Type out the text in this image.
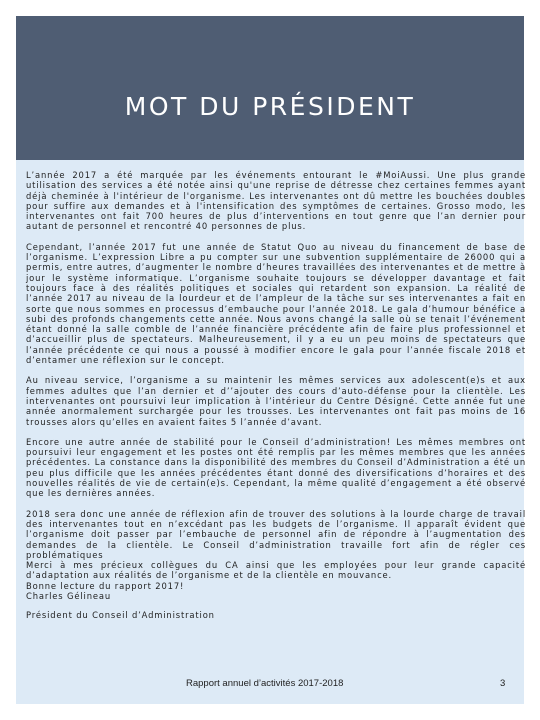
MOT DU PRÉSIDENT

L’année 2017 a été marquée par les événements entourant le #MoiAussi. Une plus grande utilisation des services a été notée ainsi qu'une reprise de détresse chez certaines femmes ayant déjà cheminée à l'intérieur de l'organisme. Les intervenantes ont dû mettre les bouchées doubles pour suffire aux demandes et à l'intensification des symptômes de certaines. Grosso modo, les intervenantes ont fait 700 heures de plus d’interventions en tout genre que l’an dernier pour autant de personnel et rencontré 40 personnes de plus.

Cependant, l’année 2017 fut une année de Statut Quo au niveau du financement de base de l’organisme. L’expression Libre a pu compter sur une subvention supplémentaire de 26000 qui a permis, entre autres, d’augmenter le nombre d’heures travaillées des intervenantes et de mettre à jour le système informatique. L’organisme souhaite toujours se développer davantage et fait toujours face à des réalités politiques et sociales qui retardent son expansion. La réalité de l’année 2017 au niveau de la lourdeur et de l’ampleur de la tâche sur ses intervenantes a fait en sorte que nous sommes en processus d’embauche pour l’année 2018. Le gala d’humour bénéfice a subi des profonds changements cette année. Nous avons changé la salle où se tenait l’événement étant donné la salle comble de l’année financière précédente afin de faire plus professionnel et d’accueillir plus de spectateurs. Malheureusement, il y a eu un peu moins de spectateurs que l’année précédente ce qui nous a poussé à modifier encore le gala pour l’année fiscale 2018 et d’entamer une réflexion sur le concept.

Au niveau service, l’organisme a su maintenir les mêmes services aux adolescent(e)s et aux femmes adultes que l’an dernier et d’’ajouter des cours d’auto-défense pour la clientèle. Les intervenantes ont poursuivi leur implication à l’intérieur du Centre Désigné. Cette année fut une année anormalement surchargée pour les trousses. Les intervenantes ont fait pas moins de 16 trousses alors qu’elles en avaient faites 5 l’année d’avant.

Encore une autre année de stabilité pour le Conseil d’administration! Les mêmes membres ont poursuivi leur engagement et les postes ont été remplis par les mêmes membres que les années précédentes. La constance dans la disponibilité des membres du Conseil d’Administration a été un peu plus difficile que les années précédentes étant donné des diversifications d’horaires et des nouvelles réalités de vie de certain(e)s. Cependant, la même qualité d’engagement a été observé que les dernières années.

2018 sera donc une année de réflexion afin de trouver des solutions à la lourde charge de travail des intervenantes tout en n’excédant pas les budgets de l’organisme. Il apparaît évident que l’organisme doit passer par l’embauche de personnel afin de répondre à l’augmentation des demandes de la clientèle. Le Conseil d’administration travaille fort afin de régler ces problématiques

Merci à mes précieux collègues du CA ainsi que les employées pour leur grande capacité d’adaptation aux réalités de l’organisme et de la clientèle en mouvance.

Bonne lecture du rapport 2017!

Charles Gélineau

Président du Conseil d’Administration

Rapport annuel d’activités 2017-2018	3
